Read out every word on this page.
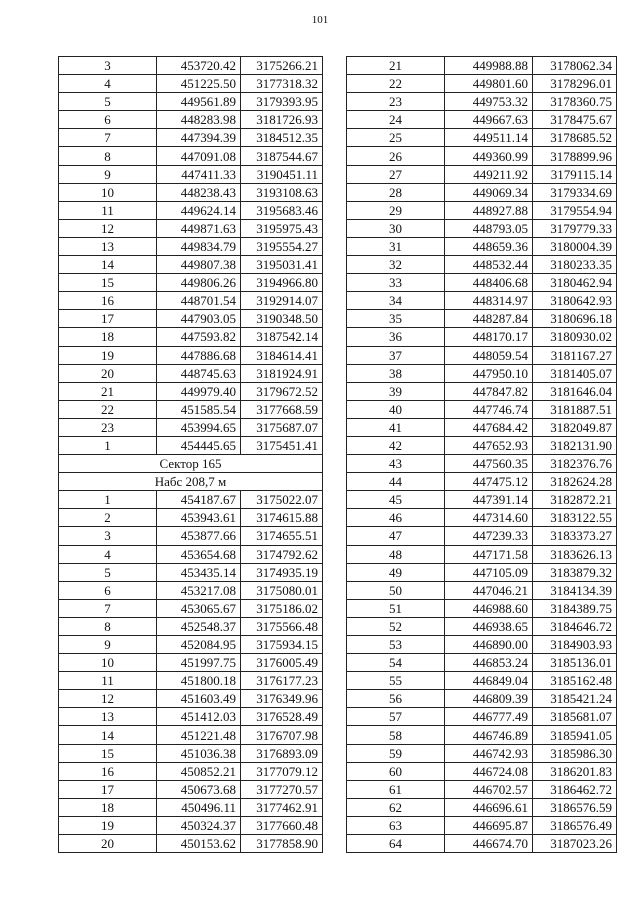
101
3	453720.42	3175266.21
4	451225.50	3177318.32
5	449561.89	3179393.95
6	448283.98	3181726.93
7	447394.39	3184512.35
8	447091.08	3187544.67
9	447411.33	3190451.11
10	448238.43	3193108.63
11	449624.14	3195683.46
12	449871.63	3195975.43
13	449834.79	3195554.27
14	449807.38	3195031.41
15	449806.26	3194966.80
16	448701.54	3192914.07
17	447903.05	3190348.50
18	447593.82	3187542.14
19	447886.68	3184614.41
20	448745.63	3181924.91
21	449979.40	3179672.52
22	451585.54	3177668.59
23	453994.65	3175687.07
1	454445.65	3175451.41
Сектор 165		
Набс 208,7 м		
1	454187.67	3175022.07
2	453943.61	3174615.88
3	453877.66	3174655.51
4	453654.68	3174792.62
5	453435.14	3174935.19
6	453217.08	3175080.01
7	453065.67	3175186.02
8	452548.37	3175566.48
9	452084.95	3175934.15
10	451997.75	3176005.49
11	451800.18	3176177.23
12	451603.49	3176349.96
13	451412.03	3176528.49
14	451221.48	3176707.98
15	451036.38	3176893.09
16	450852.21	3177079.12
17	450673.68	3177270.57
18	450496.11	3177462.91
19	450324.37	3177660.48
20	450153.62	3177858.90
21	449988.88	3178062.34
22	449801.60	3178296.01
23	449753.32	3178360.75
24	449667.63	3178475.67
25	449511.14	3178685.52
26	449360.99	3178899.96
27	449211.92	3179115.14
28	449069.34	3179334.69
29	448927.88	3179554.94
30	448793.05	3179779.33
31	448659.36	3180004.39
32	448532.44	3180233.35
33	448406.68	3180462.94
34	448314.97	3180642.93
35	448287.84	3180696.18
36	448170.17	3180930.02
37	448059.54	3181167.27
38	447950.10	3181405.07
39	447847.82	3181646.04
40	447746.74	3181887.51
41	447684.42	3182049.87
42	447652.93	3182131.90
43	447560.35	3182376.76
44	447475.12	3182624.28
45	447391.14	3182872.21
46	447314.60	3183122.55
47	447239.33	3183373.27
48	447171.58	3183626.13
49	447105.09	3183879.32
50	447046.21	3184134.39
51	446988.60	3184389.75
52	446938.65	3184646.72
53	446890.00	3184903.93
54	446853.24	3185136.01
55	446849.04	3185162.48
56	446809.39	3185421.24
57	446777.49	3185681.07
58	446746.89	3185941.05
59	446742.93	3185986.30
60	446724.08	3186201.83
61	446702.57	3186462.72
62	446696.61	3186576.59
63	446695.87	3186576.49
64	446674.70	3187023.26
